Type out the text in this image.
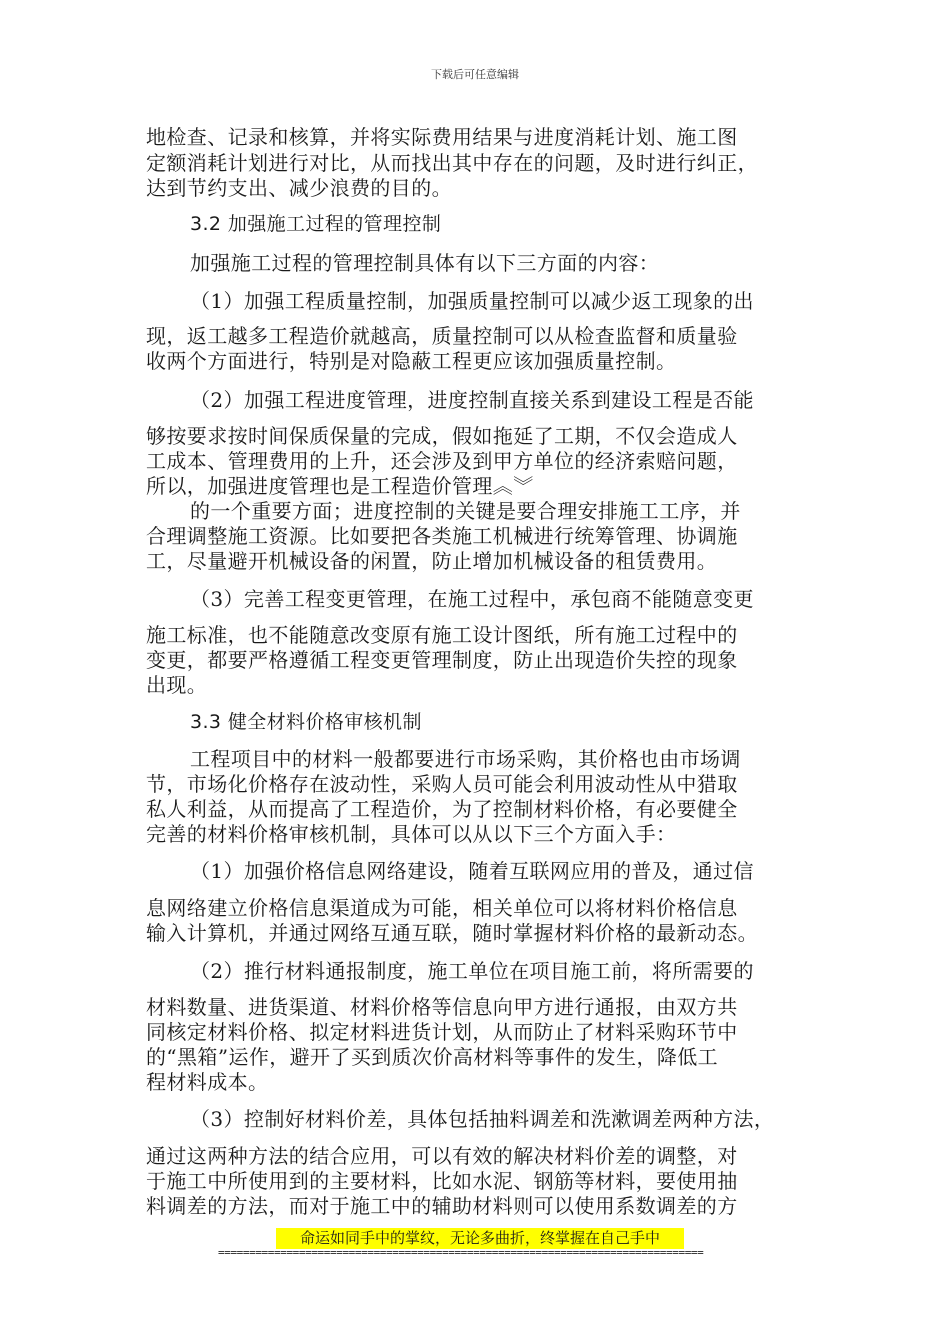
下载后可任意编辑
地检查、记录和核算，并将实际费用结果与进度消耗计划、施工图
定额消耗计划进行对比，从而找出其中存在的问题，及时进行纠正，
达到节约支出、减少浪费的目的。
3.2 加强施工过程的管理控制
加强施工过程的管理控制具体有以下三方面的内容：
（1）加强工程质量控制，加强质量控制可以减少返工现象的出
现，返工越多工程造价就越高，质量控制可以从检查监督和质量验
收两个方面进行，特别是对隐蔽工程更应该加强质量控制。
（2）加强工程进度管理，进度控制直接关系到建设工程是否能
够按要求按时间保质保量的完成，假如拖延了工期，不仅会造成人
工成本、管理费用的上升，还会涉及到甲方单位的经济索赔问题，
所以，加强进度管理也是工程造价管理︽︾
的一个重要方面；进度控制的关键是要合理安排施工工序，并
合理调整施工资源。比如要把各类施工机械进行统筹管理、协调施
工，尽量避开机械设备的闲置，防止增加机械设备的租赁费用。
（3）完善工程变更管理，在施工过程中，承包商不能随意变更
施工标准，也不能随意改变原有施工设计图纸，所有施工过程中的
变更，都要严格遵循工程变更管理制度，防止出现造价失控的现象
出现。
3.3 健全材料价格审核机制
工程项目中的材料一般都要进行市场采购，其价格也由市场调
节，市场化价格存在波动性，采购人员可能会利用波动性从中猎取
私人利益，从而提高了工程造价，为了控制材料价格，有必要健全
完善的材料价格审核机制，具体可以从以下三个方面入手：
（1）加强价格信息网络建设，随着互联网应用的普及，通过信
息网络建立价格信息渠道成为可能，相关单位可以将材料价格信息
输入计算机，并通过网络互通互联，随时掌握材料价格的最新动态。
（2）推行材料通报制度，施工单位在项目施工前，将所需要的
材料数量、进货渠道、材料价格等信息向甲方进行通报，由双方共
同核定材料价格、拟定材料进货计划，从而防止了材料采购环节中
的“黑箱”运作，避开了买到质次价高材料等事件的发生，降低工
程材料成本。
（3）控制好材料价差，具体包括抽料调差和洗漱调差两种方法，
通过这两种方法的结合应用，可以有效的解决材料价差的调整，对
于施工中所使用到的主要材料，比如水泥、钢筋等材料，要使用抽
料调差的方法，而对于施工中的辅助材料则可以使用系数调差的方
命运如同手中的掌纹，无论多曲折，终掌握在自己手中
==============================================================================
